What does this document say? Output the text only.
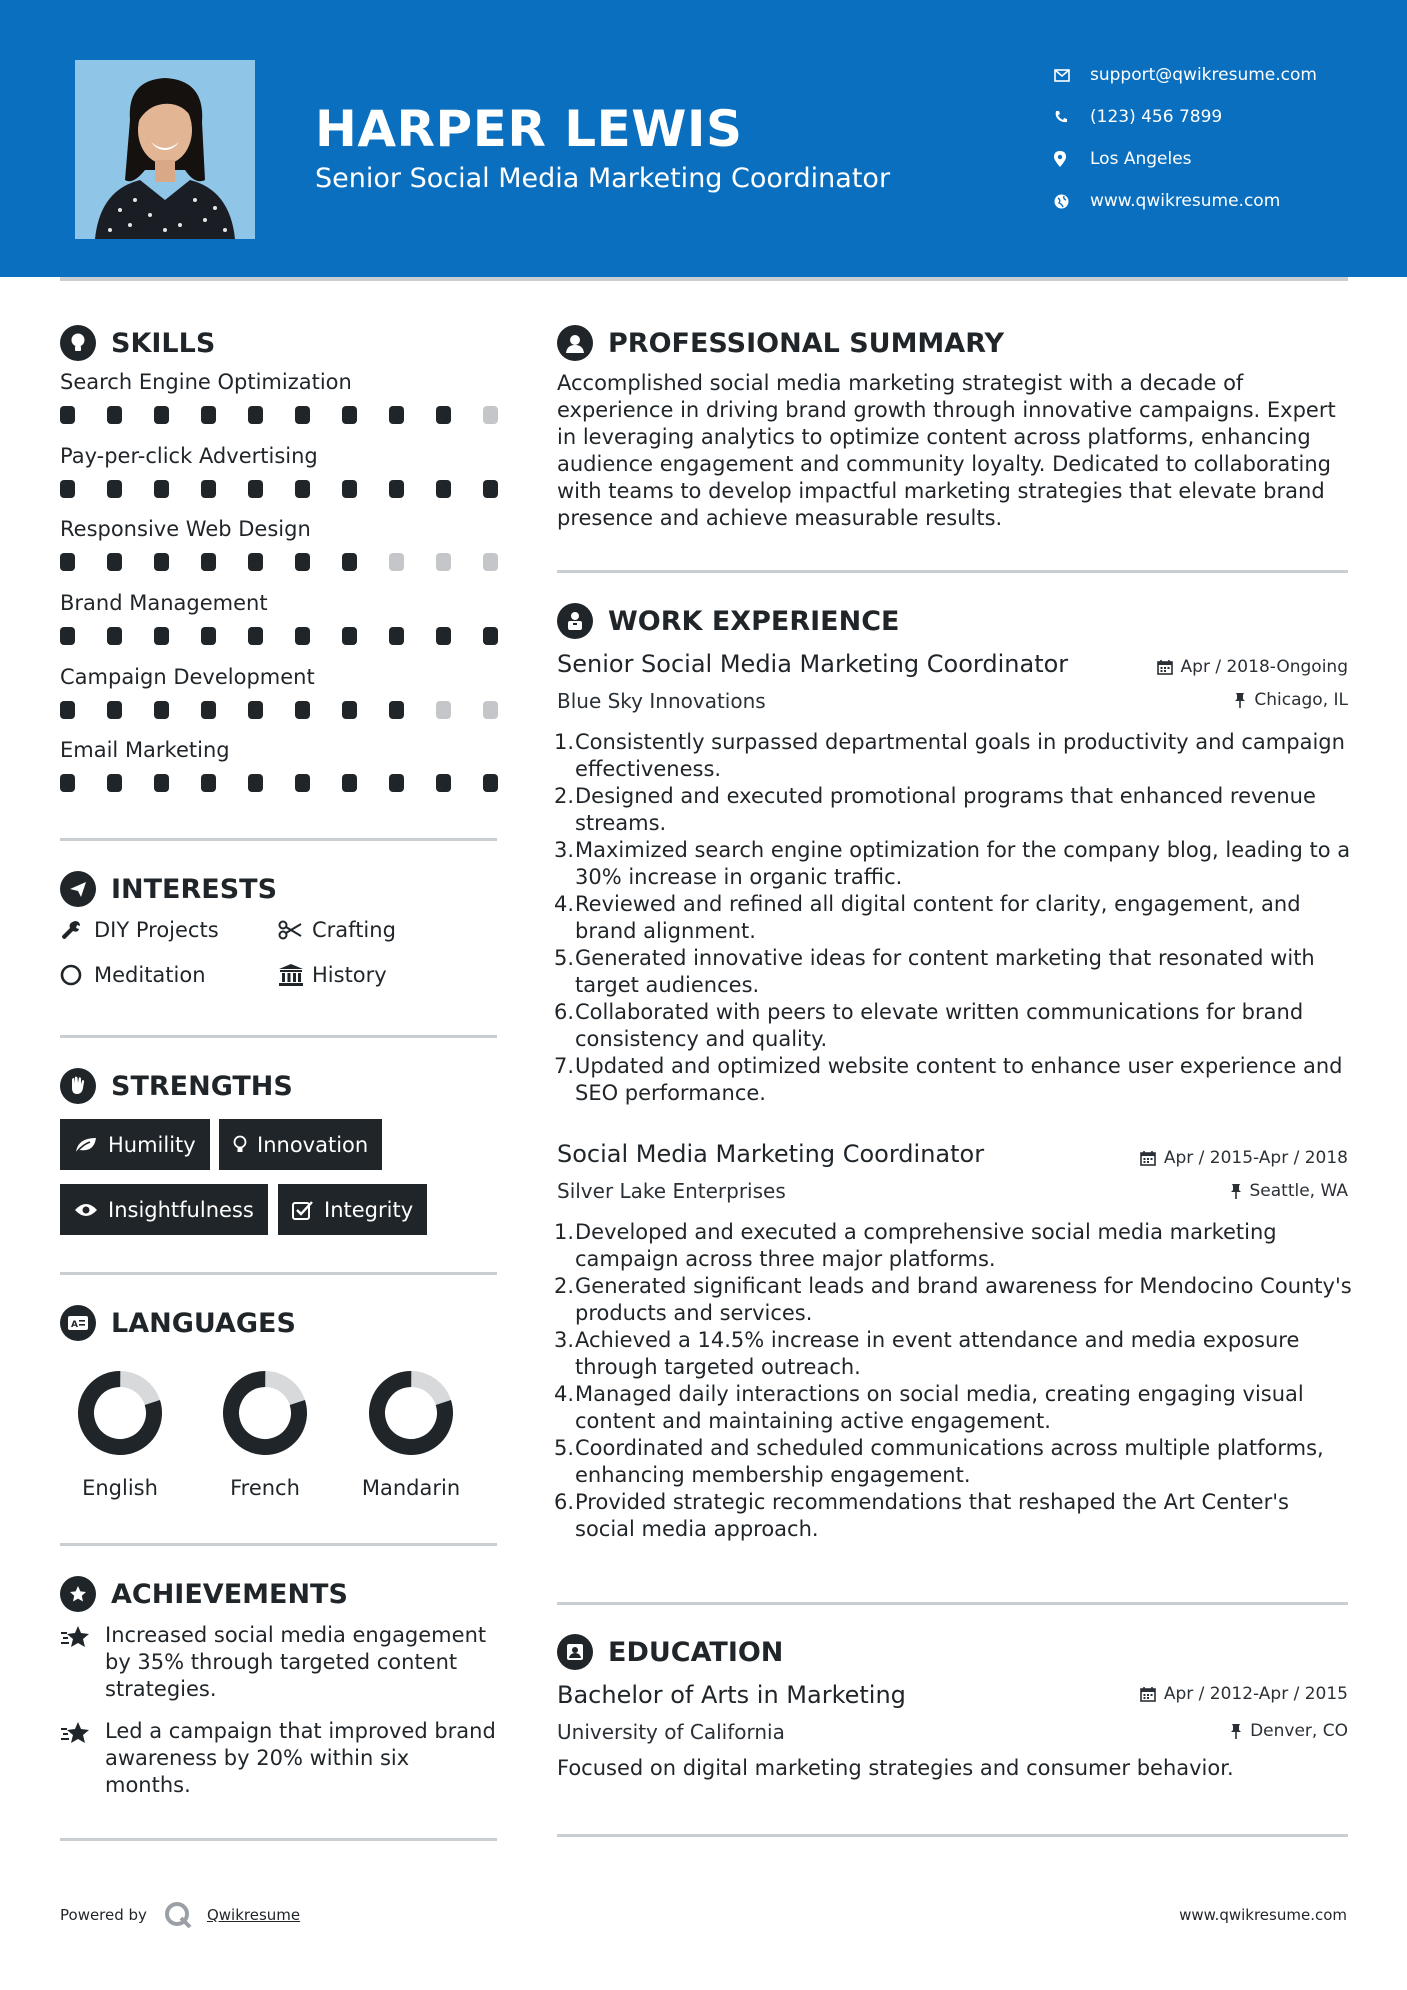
HARPER LEWIS
Senior Social Media Marketing Coordinator
support@qwikresume.com
(123) 456 7899
Los Angeles
www.qwikresume.com
SKILLS
Search Engine Optimization
Pay-per-click Advertising
Responsive Web Design
Brand Management
Campaign Development
Email Marketing
INTERESTS
DIY Projects	Crafting
Meditation	History
STRENGTHS
Humility	Innovation
Insightfulness	Integrity
A LANGUAGES
English	French	Mandarin
ACHIEVEMENTS
Increased social media engagement by 35% through targeted content strategies.
Led a campaign that improved brand awareness by 20% within six months.
PROFESSIONAL SUMMARY
Accomplished social media marketing strategist with a decade of experience in driving brand growth through innovative campaigns. Expert in leveraging analytics to optimize content across platforms, enhancing audience engagement and community loyalty. Dedicated to collaborating with teams to develop impactful marketing strategies that elevate brand presence and achieve measurable results.
WORK EXPERIENCE
Senior Social Media Marketing Coordinator	Apr / 2018-Ongoing
Blue Sky Innovations	Chicago, IL
1. Consistently surpassed departmental goals in productivity and campaign effectiveness.
2. Designed and executed promotional programs that enhanced revenue streams.
3. Maximized search engine optimization for the company blog, leading to a 30% increase in organic traffic.
4. Reviewed and refined all digital content for clarity, engagement, and brand alignment.
5. Generated innovative ideas for content marketing that resonated with target audiences.
6. Collaborated with peers to elevate written communications for brand consistency and quality.
7. Updated and optimized website content to enhance user experience and SEO performance.
Social Media Marketing Coordinator	Apr / 2015-Apr / 2018
Silver Lake Enterprises	Seattle, WA
1. Developed and executed a comprehensive social media marketing campaign across three major platforms.
2. Generated significant leads and brand awareness for Mendocino County's products and services.
3. Achieved a 14.5% increase in event attendance and media exposure through targeted outreach.
4. Managed daily interactions on social media, creating engaging visual content and maintaining active engagement.
5. Coordinated and scheduled communications across multiple platforms, enhancing membership engagement.
6. Provided strategic recommendations that reshaped the Art Center's social media approach.
EDUCATION
Bachelor of Arts in Marketing	Apr / 2012-Apr / 2015
University of California	Denver, CO
Focused on digital marketing strategies and consumer behavior.
Powered by	Qwikresume	www.qwikresume.com
